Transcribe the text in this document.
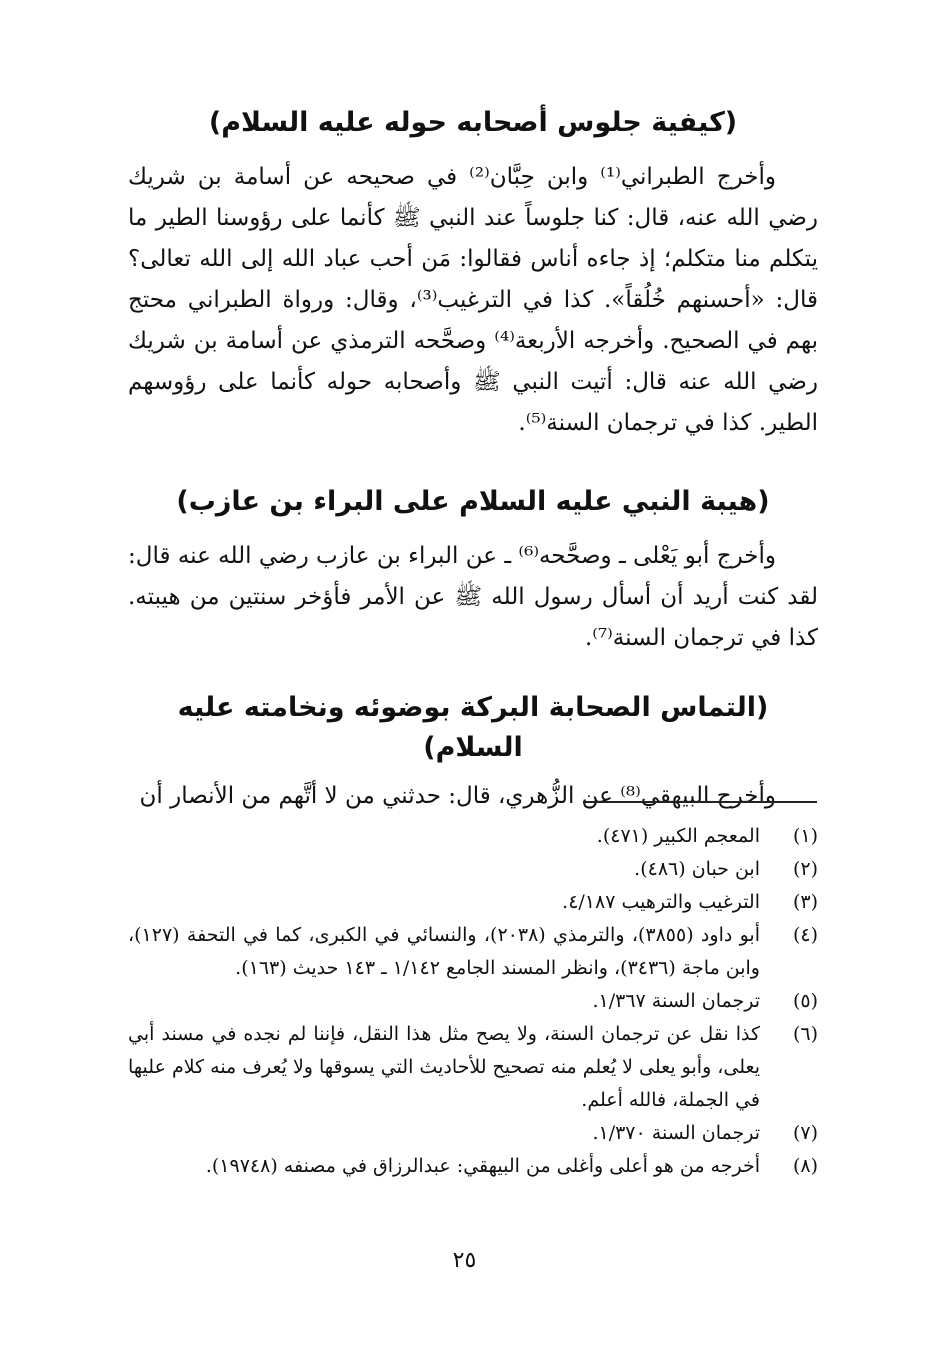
(كيفية جلوس أصحابه حوله عليه السلام)

وأخرج الطبراني⁽¹⁾ وابن حِبَّان⁽²⁾ في صحيحه عن أسامة بن شريك رضي الله عنه، قال: كنا جلوساً عند النبي ﷺ كأنما على رؤوسنا الطير ما يتكلم منا متكلم؛ إذ جاءه أناس فقالوا: مَن أحب عباد الله إلى الله تعالى؟ قال: «أحسنهم خُلُقاً». كذا في الترغيب⁽³⁾، وقال: ورواة الطبراني محتج بهم في الصحيح. وأخرجه الأربعة⁽⁴⁾ وصحَّحه الترمذي عن أسامة بن شريك رضي الله عنه قال: أتيت النبي ﷺ وأصحابه حوله كأنما على رؤوسهم الطير. كذا في ترجمان السنة⁽⁵⁾.

(هيبة النبي عليه السلام على البراء بن عازب)

وأخرج أبو يَعْلى ـ وصحَّحه⁽⁶⁾ ـ عن البراء بن عازب رضي الله عنه قال: لقد كنت أريد أن أسأل رسول الله ﷺ عن الأمر فأؤخر سنتين من هيبته. كذا في ترجمان السنة⁽⁷⁾.

(التماس الصحابة البركة بوضوئه ونخامته عليه السلام)

وأخرج البيهقي⁽⁸⁾ عن الزُّهري، قال: حدثني من لا أتَّهم من الأنصار أن

(١)
المعجم الكبير (٤٧١).
(٢)
ابن حبان (٤٨٦).
(٣)
الترغيب والترهيب ٤/١٨٧.
(٤)
أبو داود (٣٨٥٥)، والترمذي (٢٠٣٨)، والنسائي في الكبرى، كما في التحفة (١٢٧)، وابن ماجة (٣٤٣٦)، وانظر المسند الجامع ١/١٤٢ ـ ١٤٣ حديث (١٦٣).
(٥)
ترجمان السنة ١/٣٦٧.
(٦)
كذا نقل عن ترجمان السنة، ولا يصح مثل هذا النقل، فإننا لم نجده في مسند أبي يعلى، وأبو يعلى لا يُعلم منه تصحيح للأحاديث التي يسوقها ولا يُعرف منه كلام عليها في الجملة، فالله أعلم.
(٧)
ترجمان السنة ١/٣٧٠.
(٨)
أخرجه من هو أعلى وأغلى من البيهقي: عبدالرزاق في مصنفه (١٩٧٤٨).
٢٥
